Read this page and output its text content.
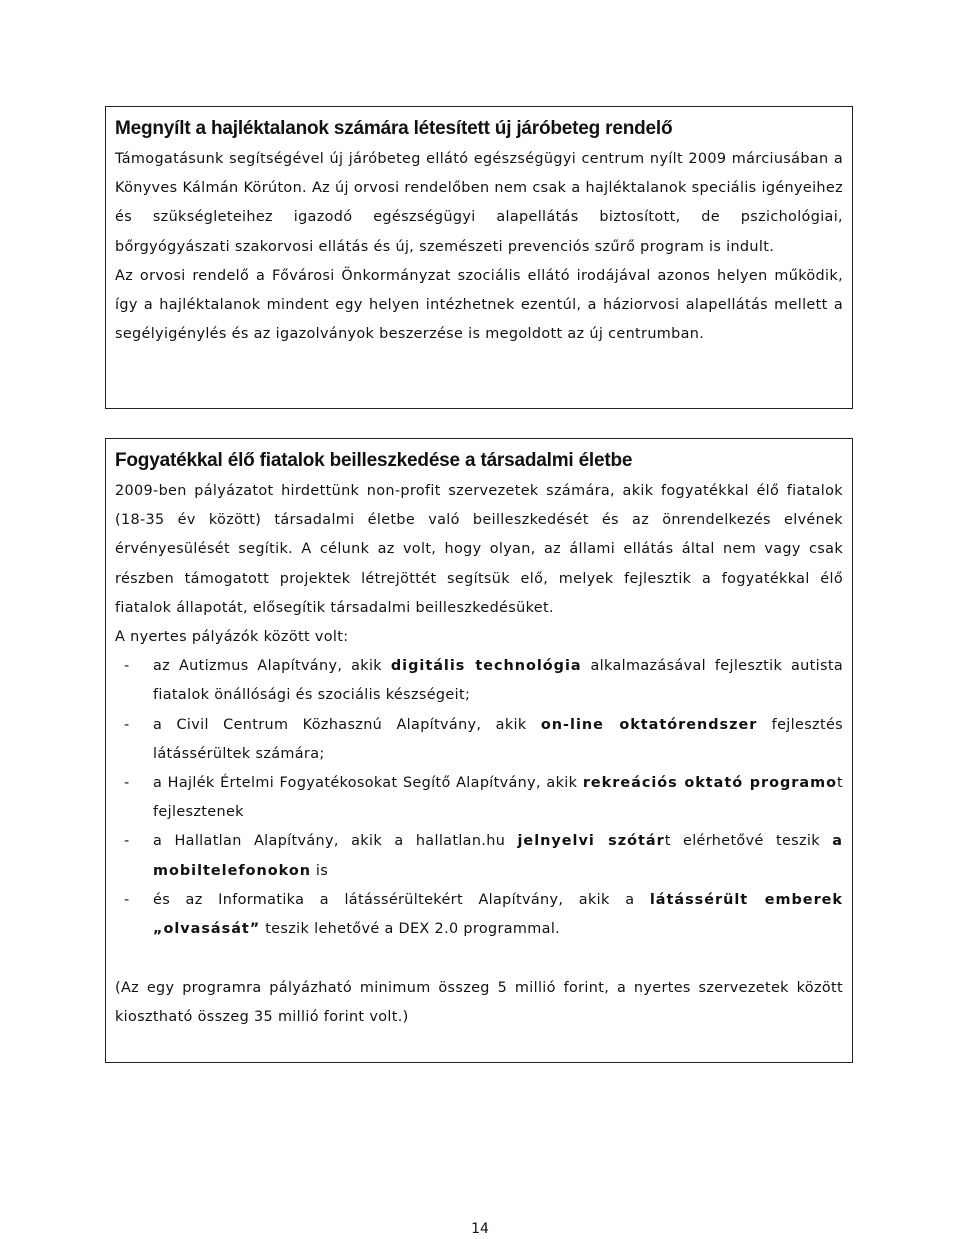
Megnyílt a hajléktalanok számára létesített új járóbeteg rendelő

Támogatásunk segítségével új járóbeteg ellátó egészségügyi centrum nyílt 2009 márciusában a Könyves Kálmán Körúton. Az új orvosi rendelőben nem csak a hajléktalanok speciális igényeihez és szükségleteihez igazodó egészségügyi alapellátás biztosított, de pszichológiai, bőrgyógyászati szakorvosi ellátás és új, szemészeti prevenciós szűrő program is indult.

Az orvosi rendelő a Fővárosi Önkormányzat szociális ellátó irodájával azonos helyen működik, így a hajléktalanok mindent egy helyen intézhetnek ezentúl, a háziorvosi alapellátás mellett a segélyigénylés és az igazolványok beszerzése is megoldott az új centrumban.

Fogyatékkal élő fiatalok beilleszkedése a társadalmi életbe

2009-ben pályázatot hirdettünk non-profit szervezetek számára, akik fogyatékkal élő fiatalok (18-35 év között) társadalmi életbe való beilleszkedését és az önrendelkezés elvének érvényesülését segítik. A célunk az volt, hogy olyan, az állami ellátás által nem vagy csak részben támogatott projektek létrejöttét segítsük elő, melyek fejlesztik a fogyatékkal élő fiatalok állapotát, elősegítik társadalmi beilleszkedésüket.

A nyertes pályázók között volt:

- az Autizmus Alapítvány, akik digitális technológia alkalmazásával fejlesztik autista fiatalok önállósági és szociális készségeit;
- a Civil Centrum Közhasznú Alapítvány, akik on-line oktatórendszer fejlesztés látássérültek számára;
- a Hajlék Értelmi Fogyatékosokat Segítő Alapítvány, akik rekreációs oktató programot fejlesztenek
- a Hallatlan Alapítvány, akik a hallatlan.hu jelnyelvi szótárt elérhetővé teszik a mobiltelefonokon is
- és az Informatika a látássérültekért Alapítvány, akik a látássérült emberek „olvasását” teszik lehetővé a DEX 2.0 programmal.

(Az egy programra pályázható minimum összeg 5 millió forint, a nyertes szervezetek között kiosztható összeg 35 millió forint volt.)

14
